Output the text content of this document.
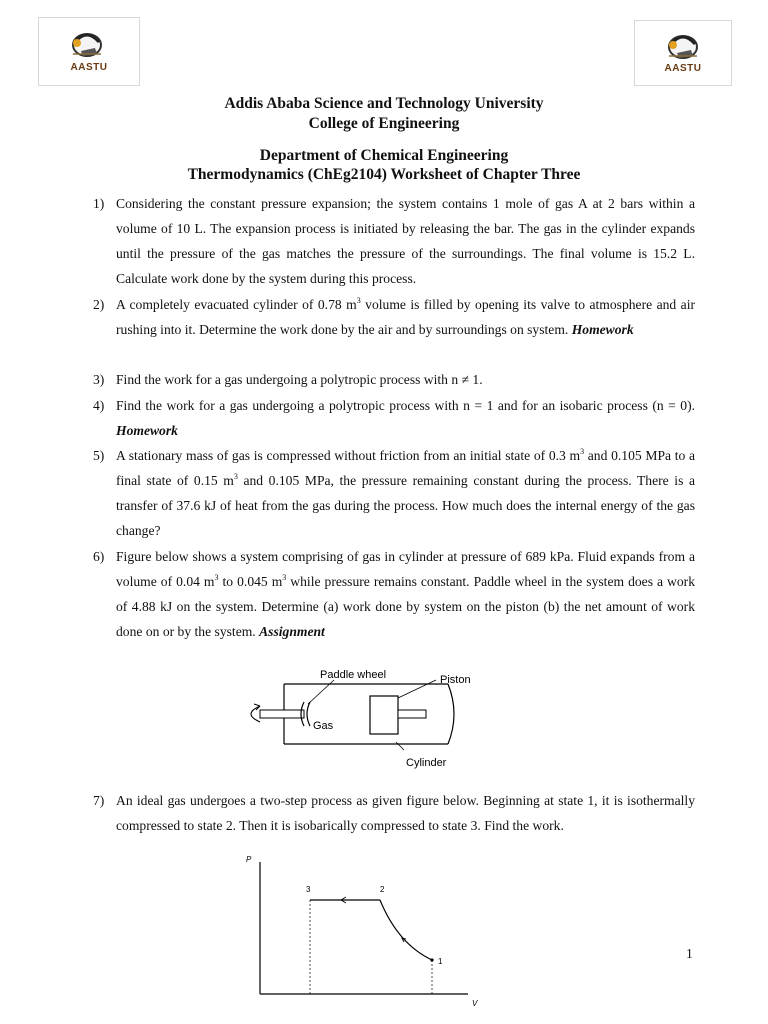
AASTU	AASTU
Addis Ababa Science and Technology University
College of Engineering
Department of Chemical Engineering
Thermodynamics (ChEg2104) Worksheet of Chapter Three
1) Considering the constant pressure expansion; the system contains 1 mole of gas A at 2 bars within a volume of 10 L. The expansion process is initiated by releasing the bar. The gas in the cylinder expands until the pressure of the gas matches the pressure of the surroundings. The final volume is 15.2 L. Calculate work done by the system during this process.

2) A completely evacuated cylinder of 0.78 $m^3$ volume is filled by opening its valve to atmosphere and air rushing into it. Determine the work done by the air and by surroundings on system. Homework

3) Find the work for a gas undergoing a polytropic process with n ≠ 1.

4) Find the work for a gas undergoing a polytropic process with n = 1 and for an isobaric process (n = 0). Homework

5) A stationary mass of gas is compressed without friction from an initial state of 0.3 $m^3$ and 0.105 MPa to a final state of 0.15 $m^3$ and 0.105 MPa, the pressure remaining constant during the process. There is a transfer of 37.6 kJ of heat from the gas during the process. How much does the internal energy of the gas change?

6) Figure below shows a system comprising of gas in cylinder at pressure of 689 kPa. Fluid expands from a volume of 0.04 $m^3$ to 0.045 $m^3$ while pressure remains constant. Paddle wheel in the system does a work of 4.88 kJ on the system. Determine (a) work done by system on the piston (b) the net amount of work done on or by the system. Assignment

Paddle wheel	Piston
Gas
Cylinder
7) An ideal gas undergoes a two-step process as given figure below. Beginning at state 1, it is isothermally compressed to state 2. Then it is isobarically compressed to state 3. Find the work.

P
V
3	2
1
1
